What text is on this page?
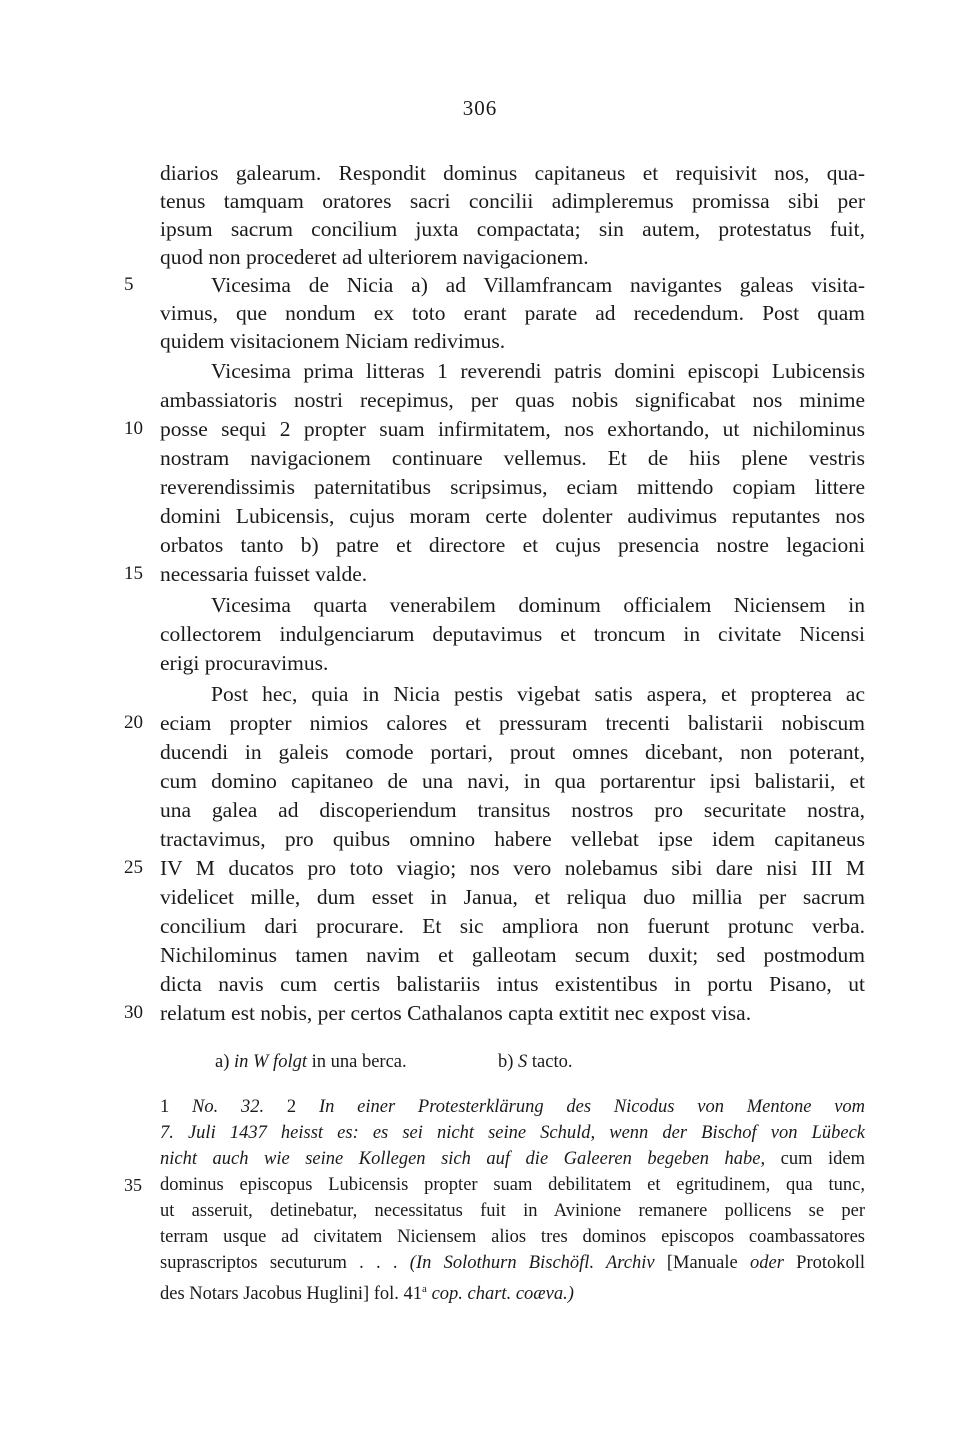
306
diarios galearum. Respondit dominus capitaneus et requisivit nos, qua-
tenus tamquam oratores sacri concilii adimpleremus promissa sibi per
ipsum sacrum concilium juxta compactata; sin autem, protestatus fuit,
quod non procederet ad ulteriorem navigacionem.
5	Vicesima de Nicia a) ad Villamfrancam navigantes galeas visita-
vimus, que nondum ex toto erant parate ad recedendum. Post quam
quidem visitacionem Niciam redivimus.
Vicesima prima litteras 1 reverendi patris domini episcopi Lubicensis
ambassiatoris nostri recepimus, per quas nobis significabat nos minime
10 posse sequi 2 propter suam infirmitatem, nos exhortando, ut nichilominus
nostram navigacionem continuare vellemus. Et de hiis plene vestris
reverendissimis paternitatibus scripsimus, eciam mittendo copiam littere
domini Lubicensis, cujus moram certe dolenter audivimus reputantes nos
orbatos tanto b) patre et directore et cujus presencia nostre legacioni
15 necessaria fuisset valde.
Vicesima quarta venerabilem dominum officialem Niciensem in
collectorem indulgenciarum deputavimus et troncum in civitate Nicensi
erigi procuravimus.
Post hec, quia in Nicia pestis vigebat satis aspera, et propterea ac
20 eciam propter nimios calores et pressuram trecenti balistarii nobiscum
ducendi in galeis comode portari, prout omnes dicebant, non poterant,
cum domino capitaneo de una navi, in qua portarentur ipsi balistarii, et
una galea ad discoperiendum transitus nostros pro securitate nostra,
tractavimus, pro quibus omnino habere vellebat ipse idem capitaneus
25 IV M ducatos pro toto viagio; nos vero nolebamus sibi dare nisi III M
videlicet mille, dum esset in Janua, et reliqua duo millia per sacrum
concilium dari procurare. Et sic ampliora non fuerunt protunc verba.
Nichilominus tamen navim et galleotam secum duxit; sed postmodum
dicta navis cum certis balistariis intus existentibus in portu Pisano, ut
30 relatum est nobis, per certos Cathalanos capta extitit nec expost visa.
a) in W folgt in una berca.	b) S tacto.
1 No. 32. 2 In einer Protesterklärung des Nicodus von Mentone vom
7. Juli 1437 heisst es: es sei nicht seine Schuld, wenn der Bischof von Lübeck
nicht auch wie seine Kollegen sich auf die Galeeren begeben habe, cum idem
35 dominus episcopus Lubicensis propter suam debilitatem et egritudinem, qua tunc,
ut asseruit, detinebatur, necessitatus fuit in Avinione remanere pollicens se per
terram usque ad civitatem Niciensem alios tres dominos episcopos coambassatores
suprascriptos secuturum . . . (In Solothurn Bischöfl. Archiv [Manuale oder Protokoll
des Notars Jacobus Huglini] fol. 41$^a$ cop. chart. coæva.)
